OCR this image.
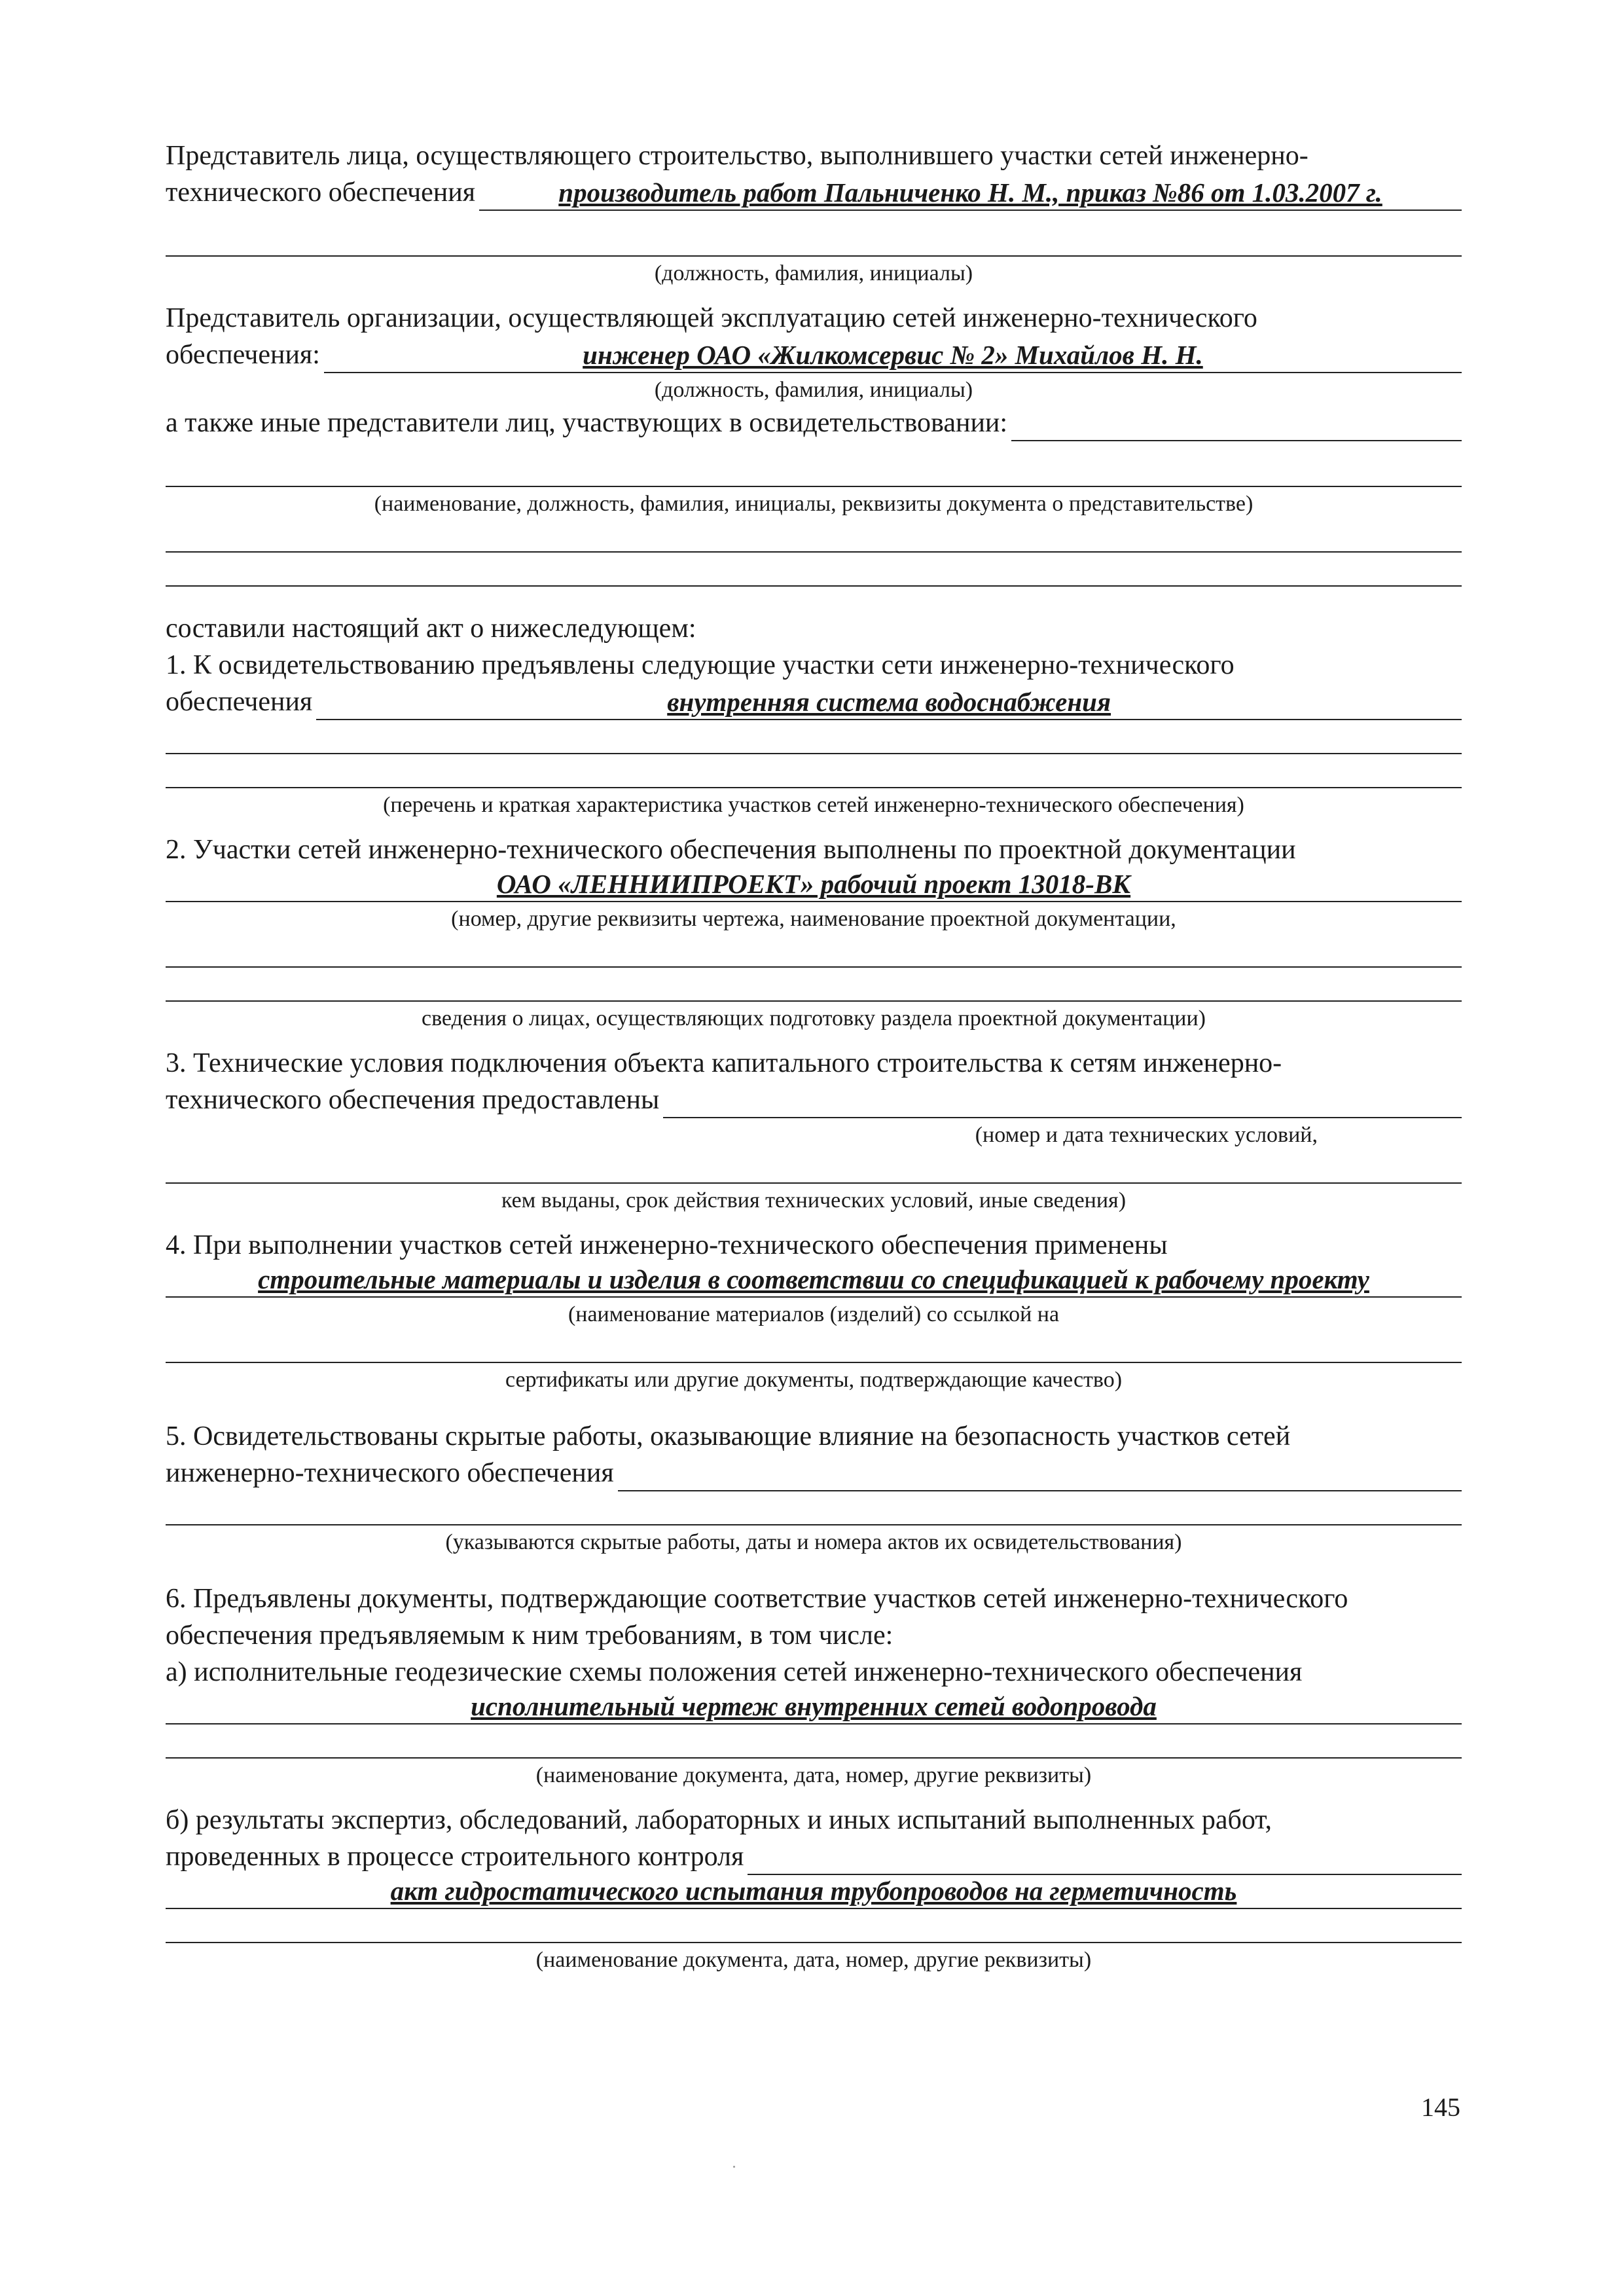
Представитель лица, осуществляющего строительство, выполнившего участки сетей инженерно-

технического обеспечения	производитель работ Пальниченко Н. М., приказ №86 от 1.03.2007 г.

(должность, фамилия, инициалы)

Представитель организации, осуществляющей эксплуатацию сетей инженерно-технического

обеспечения:	инженер ОАО «Жилкомсервис № 2» Михайлов Н. Н.

(должность, фамилия, инициалы)

а также иные представители лиц, участвующих в освидетельствовании:

(наименование, должность, фамилия, инициалы, реквизиты документа о представительстве)

составили настоящий акт о нижеследующем:

1. К освидетельствованию предъявлены следующие участки сети инженерно-технического

обеспечения	внутренняя система водоснабжения

(перечень и краткая характеристика участков сетей инженерно-технического обеспечения)

2. Участки сетей инженерно-технического обеспечения выполнены по проектной документации

ОАО «ЛЕННИИПРОЕКТ» рабочий проект 13018-ВК

(номер, другие реквизиты чертежа, наименование проектной документации,

сведения о лицах, осуществляющих подготовку раздела проектной документации)

3. Технические условия подключения объекта капитального строительства к сетям инженерно-

технического обеспечения предоставлены

(номер и дата технических условий,

кем выданы, срок действия технических условий, иные сведения)

4. При выполнении участков сетей инженерно-технического обеспечения применены

строительные материалы и изделия в соответствии со спецификацией к рабочему проекту

(наименование материалов (изделий) со ссылкой на

сертификаты или другие документы, подтверждающие качество)

5. Освидетельствованы скрытые работы, оказывающие влияние на безопасность участков сетей

инженерно-технического обеспечения

(указываются скрытые работы, даты и номера актов их освидетельствования)

6. Предъявлены документы, подтверждающие соответствие участков сетей инженерно-технического

обеспечения предъявляемым к ним требованиям, в том числе:

а) исполнительные геодезические схемы положения сетей инженерно-технического обеспечения

исполнительный чертеж внутренних сетей водопровода

(наименование документа, дата, номер, другие реквизиты)

б) результаты экспертиз, обследований, лабораторных и иных испытаний выполненных работ,

проведенных в процессе строительного контроля
акт гидростатического испытания трубопроводов на герметичность

(наименование документа, дата, номер, другие реквизиты)

145
